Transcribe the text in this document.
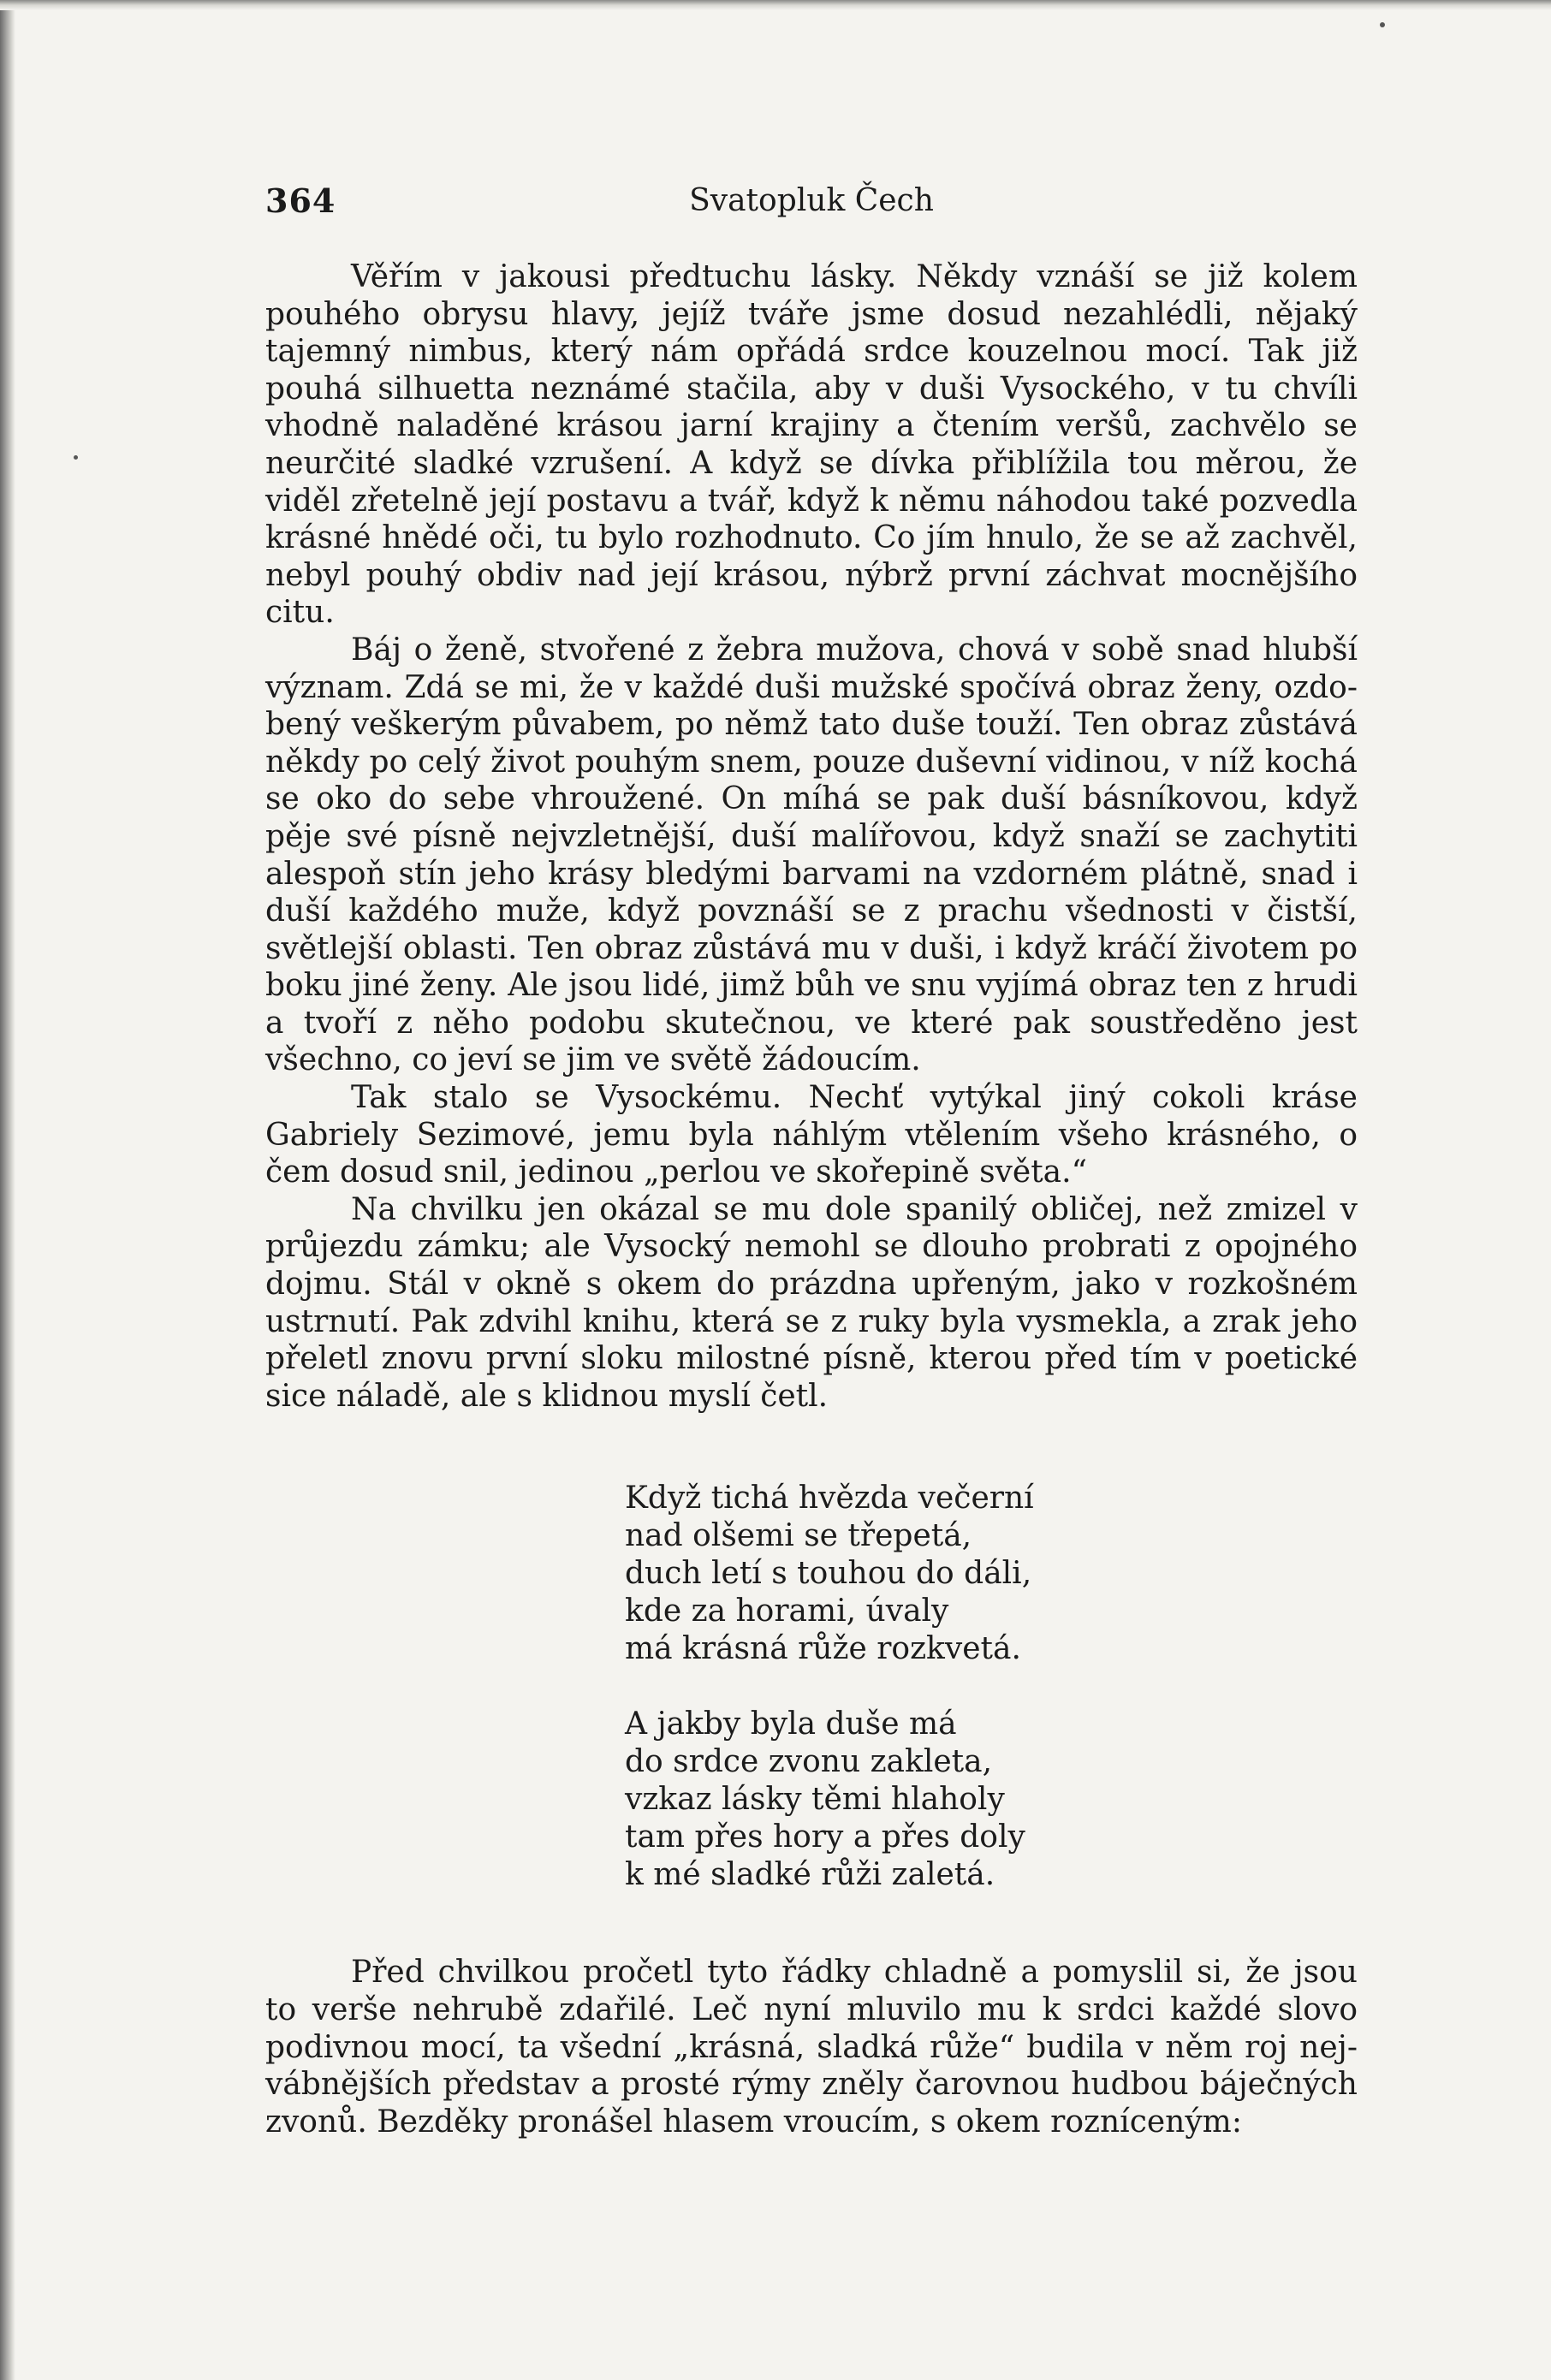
364	Svatopluk Čech

Věřím v jakousi předtuchu lásky. Někdy vznáší se již kolem pouhého obrysu hlavy, jejíž tváře jsme dosud nezahlédli, nějaký tajemný nimbus, který nám opřádá srdce kouzelnou mocí. Tak již pouhá silhuetta neznámé stačila, aby v duši Vysockého, v tu chvíli vhodně naladěné krásou jarní krajiny a čtením veršů, zachvělo se neurčité sladké vzrušení. A když se dívka přiblížila tou měrou, že viděl zřetelně její postavu a tvář, když k němu náhodou také pozvedla krásné hnědé oči, tu bylo rozhodnuto. Co jím hnulo, že se až zachvěl, nebyl pouhý obdiv nad její krásou, nýbrž první záchvat mocnějšího citu.

Báj o ženě, stvořené z žebra mužova, chová v sobě snad hlubší význam. Zdá se mi, že v každé duši mužské spočívá obraz ženy, ozdobený veškerým půvabem, po němž tato duše touží. Ten obraz zůstává někdy po celý život pouhým snem, pouze duševní vidinou, v níž kochá se oko do sebe vhroužené. On míhá se pak duší básníkovou, když pěje své písně nejvzletnější, duší malířovou, když snaží se zachytiti alespoň stín jeho krásy bledými barvami na vzdorném plátně, snad i duší každého muže, když povznáší se z prachu všednosti v čistší, světlejší oblasti. Ten obraz zůstává mu v duši, i když kráčí životem po boku jiné ženy. Ale jsou lidé, jimž bůh ve snu vyjímá obraz ten z hrudi a tvoří z něho podobu skutečnou, ve které pak soustředěno jest všechno, co jeví se jim ve světě žádoucím.

Tak stalo se Vysockému. Nechť vytýkal jiný cokoli kráse Gabriely Sezimové, jemu byla náhlým vtělením všeho krásného, o čem dosud snil, jedinou „perlou ve skořepině světa.“

Na chvilku jen okázal se mu dole spanilý obličej, než zmizel v průjezdu zámku; ale Vysocký nemohl se dlouho probrati z opojného dojmu. Stál v okně s okem do prázdna upřeným, jako v rozkošném ustrnutí. Pak zdvihl knihu, která se z ruky byla vysmekla, a zrak jeho přeletl znovu první sloku milostné písně, kterou před tím v poetické sice náladě, ale s klidnou myslí četl.

Když tichá hvězda večerní
nad olšemi se třepetá,
duch letí s touhou do dáli,
kde za horami, úvaly
má krásná růže rozkvetá.
A jakby byla duše má
do srdce zvonu zakleta,
vzkaz lásky těmi hlaholy
tam přes hory a přes doly
k mé sladké růži zaletá.

Před chvilkou pročetl tyto řádky chladně a pomyslil si, že jsou to verše nehrubě zdařilé. Leč nyní mluvilo mu k srdci každé slovo podivnou mocí, ta všední „krásná, sladká růže“ budila v něm roj nejvábnějších představ a prosté rýmy zněly čarovnou hudbou báječných zvonů. Bezděky pronášel hlasem vroucím, s okem rozníceným:
